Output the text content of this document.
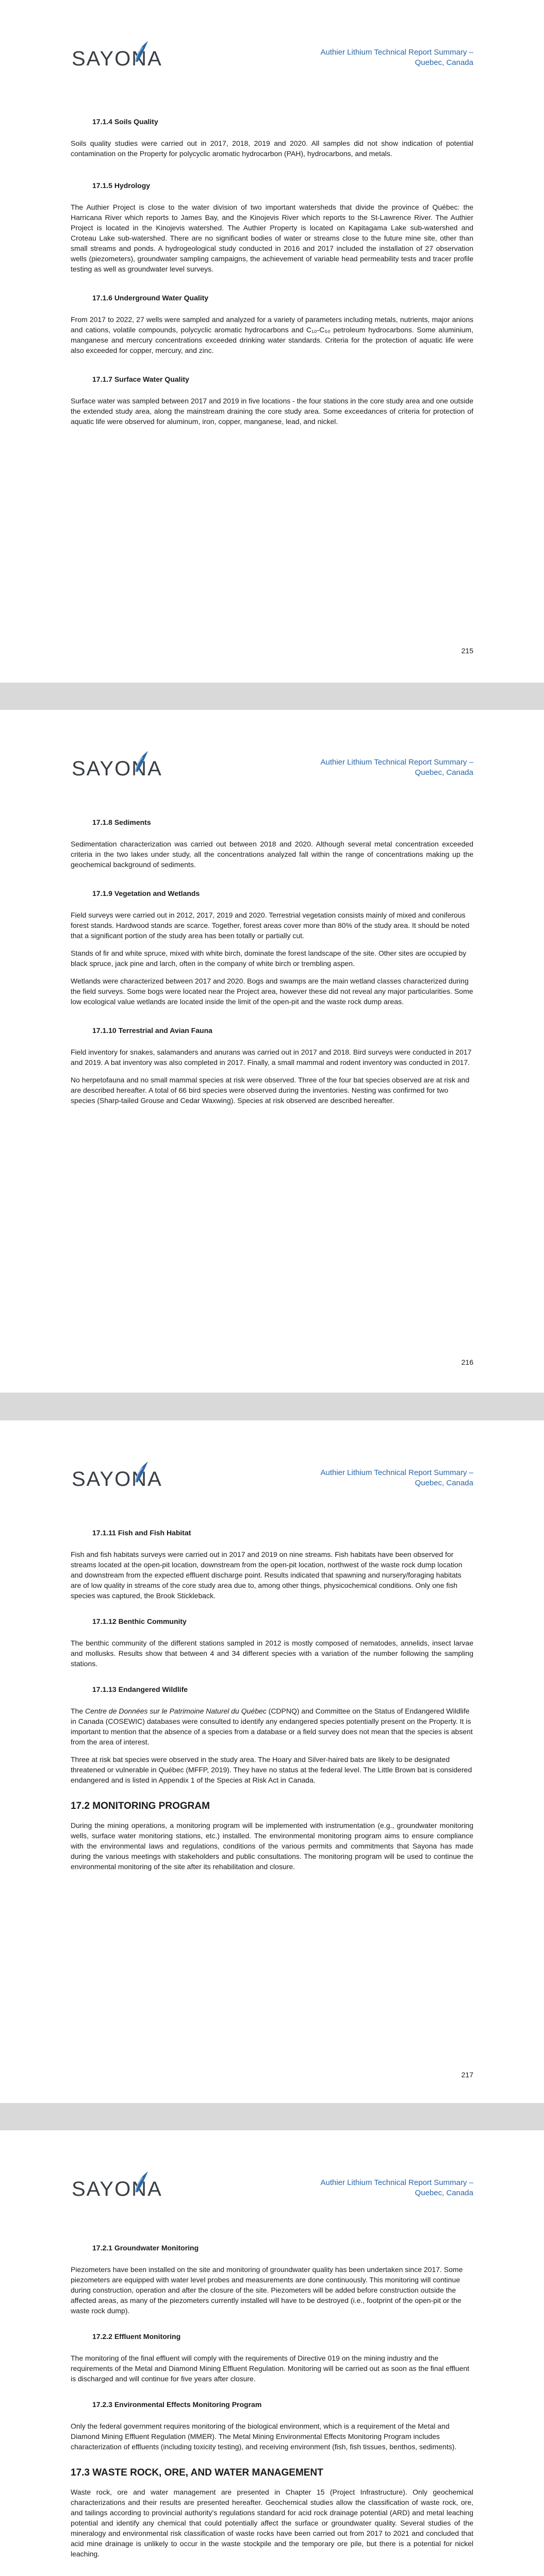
SAYONA	Authier Lithium Technical Report Summary –
Quebec, Canada
17.1.4 Soils Quality

Soils quality studies were carried out in 2017, 2018, 2019 and 2020. All samples did not show indication of potential contamination on the Property for polycyclic aromatic hydrocarbon (PAH), hydrocarbons, and metals.

17.1.5 Hydrology

The Authier Project is close to the water division of two important watersheds that divide the province of Québec: the Harricana River which reports to James Bay, and the Kinojevis River which reports to the St-Lawrence River. The Authier Project is located in the Kinojevis watershed. The Authier Property is located on Kapitagama Lake sub-watershed and Croteau Lake sub-watershed. There are no significant bodies of water or streams close to the future mine site, other than small streams and ponds. A hydrogeological study conducted in 2016 and 2017 included the installation of 27 observation wells (piezometers), groundwater sampling campaigns, the achievement of variable head permeability tests and tracer profile testing as well as groundwater level surveys.

17.1.6 Underground Water Quality

From 2017 to 2022, 27 wells were sampled and analyzed for a variety of parameters including metals, nutrients, major anions and cations, volatile compounds, polycyclic aromatic hydrocarbons and C₁₀-C₅₀ petroleum hydrocarbons. Some aluminium, manganese and mercury concentrations exceeded drinking water standards. Criteria for the protection of aquatic life were also exceeded for copper, mercury, and zinc.

17.1.7 Surface Water Quality

Surface water was sampled between 2017 and 2019 in five locations - the four stations in the core study area and one outside the extended study area, along the mainstream draining the core study area. Some exceedances of criteria for protection of aquatic life were observed for aluminum, iron, copper, manganese, lead, and nickel.

215
SAYONA	Authier Lithium Technical Report Summary –
Quebec, Canada
17.1.8 Sediments

Sedimentation characterization was carried out between 2018 and 2020. Although several metal concentration exceeded criteria in the two lakes under study, all the concentrations analyzed fall within the range of concentrations making up the geochemical background of sediments.

17.1.9 Vegetation and Wetlands

Field surveys were carried out in 2012, 2017, 2019 and 2020. Terrestrial vegetation consists mainly of mixed and coniferous forest stands. Hardwood stands are scarce. Together, forest areas cover more than 80% of the study area. It should be noted that a significant portion of the study area has been totally or partially cut.

Stands of fir and white spruce, mixed with white birch, dominate the forest landscape of the site. Other sites are occupied by black spruce, jack pine and larch, often in the company of white birch or trembling aspen.

Wetlands were characterized between 2017 and 2020. Bogs and swamps are the main wetland classes characterized during the field surveys. Some bogs were located near the Project area, however these did not reveal any major particularities. Some low ecological value wetlands are located inside the limit of the open-pit and the waste rock dump areas.

17.1.10 Terrestrial and Avian Fauna

Field inventory for snakes, salamanders and anurans was carried out in 2017 and 2018. Bird surveys were conducted in 2017 and 2019. A bat inventory was also completed in 2017. Finally, a small mammal and rodent inventory was conducted in 2017.

No herpetofauna and no small mammal species at risk were observed. Three of the four bat species observed are at risk and are described hereafter. A total of 66 bird species were observed during the inventories. Nesting was confirmed for two species (Sharp-tailed Grouse and Cedar Waxwing). Species at risk observed are described hereafter.

216
SAYONA	Authier Lithium Technical Report Summary –
Quebec, Canada
17.1.11 Fish and Fish Habitat

Fish and fish habitats surveys were carried out in 2017 and 2019 on nine streams. Fish habitats have been observed for streams located at the open-pit location, downstream from the open-pit location, northwest of the waste rock dump location and downstream from the expected effluent discharge point. Results indicated that spawning and nursery/foraging habitats are of low quality in streams of the core study area due to, among other things, physicochemical conditions. Only one fish species was captured, the Brook Stickleback.

17.1.12 Benthic Community

The benthic community of the different stations sampled in 2012 is mostly composed of nematodes, annelids, insect larvae and mollusks. Results show that between 4 and 34 different species with a variation of the number following the sampling stations.

17.1.13 Endangered Wildlife

The Centre de Données sur le Patrimoine Naturel du Québec (CDPNQ) and Committee on the Status of Endangered Wildlife in Canada (COSEWIC) databases were consulted to identify any endangered species potentially present on the Property. It is important to mention that the absence of a species from a database or a field survey does not mean that the species is absent from the area of interest.

Three at risk bat species were observed in the study area. The Hoary and Silver-haired bats are likely to be designated threatened or vulnerable in Québec (MFFP, 2019). They have no status at the federal level. The Little Brown bat is considered endangered and is listed in Appendix 1 of the Species at Risk Act in Canada.

17.2 MONITORING PROGRAM

During the mining operations, a monitoring program will be implemented with instrumentation (e.g., groundwater monitoring wells, surface water monitoring stations, etc.) installed. The environmental monitoring program aims to ensure compliance with the environmental laws and regulations, conditions of the various permits and commitments that Sayona has made during the various meetings with stakeholders and public consultations. The monitoring program will be used to continue the environmental monitoring of the site after its rehabilitation and closure.

217
SAYONA	Authier Lithium Technical Report Summary –
Quebec, Canada
17.2.1 Groundwater Monitoring

Piezometers have been installed on the site and monitoring of groundwater quality has been undertaken since 2017. Some piezometers are equipped with water level probes and measurements are done continuously. This monitoring will continue during construction, operation and after the closure of the site. Piezometers will be added before construction outside the affected areas, as many of the piezometers currently installed will have to be destroyed (i.e., footprint of the open-pit or the waste rock dump).

17.2.2 Effluent Monitoring

The monitoring of the final effluent will comply with the requirements of Directive 019 on the mining industry and the requirements of the Metal and Diamond Mining Effluent Regulation. Monitoring will be carried out as soon as the final effluent is discharged and will continue for five years after closure.

17.2.3 Environmental Effects Monitoring Program

Only the federal government requires monitoring of the biological environment, which is a requirement of the Metal and Diamond Mining Effluent Regulation (MMER). The Metal Mining Environmental Effects Monitoring Program includes characterization of effluents (including toxicity testing), and receiving environment (fish, fish tissues, benthos, sediments).

17.3 WASTE ROCK, ORE, AND WATER MANAGEMENT

Waste rock, ore and water management are presented in Chapter 15 (Project Infrastructure). Only geochemical characterizations and their results are presented hereafter. Geochemical studies allow the classification of waste rock, ore, and tailings according to provincial authority's regulations standard for acid rock drainage potential (ARD) and metal leaching potential and identify any chemical that could potentially affect the surface or groundwater quality. Several studies of the mineralogy and environmental risk classification of waste rocks have been carried out from 2017 to 2021 and concluded that acid mine drainage is unlikely to occur in the waste stockpile and the temporary ore pile, but there is a potential for nickel leaching.
